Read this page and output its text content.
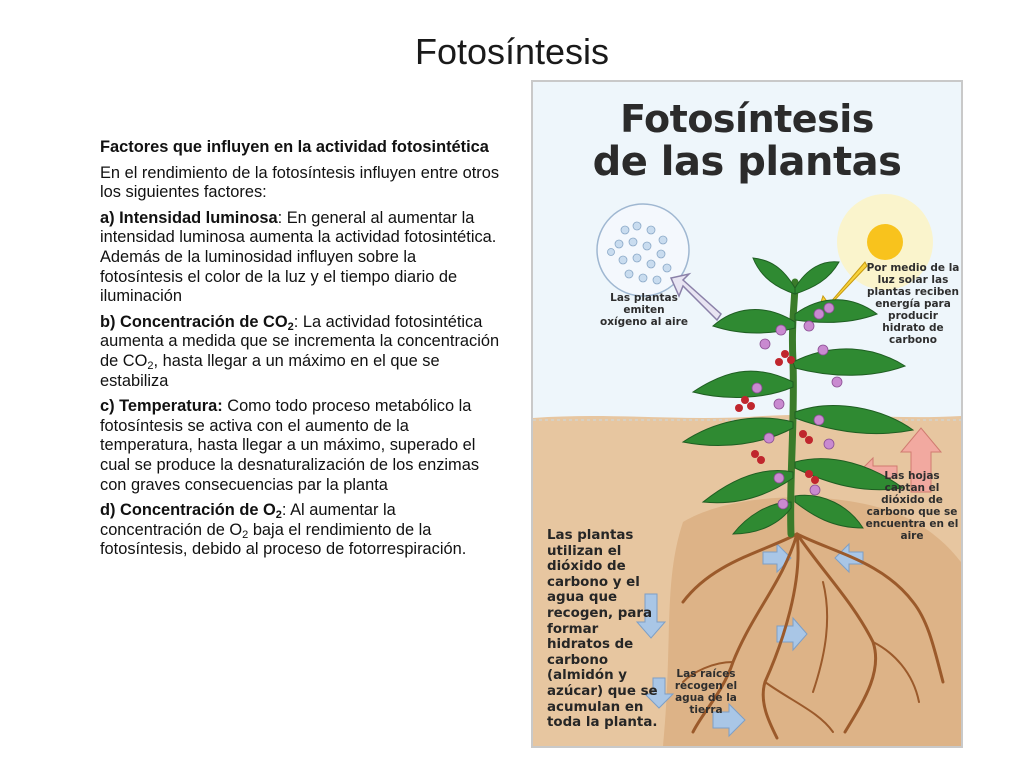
Fotosíntesis

Factores que influyen en la actividad fotosintética

En el rendimiento de la fotosíntesis influyen entre otros los siguientes factores:

a) Intensidad luminosa: En general al aumentar la intensidad luminosa aumenta la actividad fotosintética. Además de la luminosidad influyen sobre la fotosíntesis el color de la luz y el tiempo diario de iluminación

b) Concentración de $CO_2$: La actividad fotosintética aumenta a medida que se incrementa la concentración de $CO_2$, hasta llegar a un máximo en el que se estabiliza

c) Temperatura: Como todo proceso metabólico la fotosíntesis se activa con el aumento de la temperatura, hasta llegar a un máximo, superado el cual se produce la desnaturalización de los enzimas con graves consecuencias par la planta

d) Concentración de $O_2$: Al aumentar la concentración de $O_2$ baja el rendimiento de la fotosíntesis, debido al proceso de fotorrespiración.

Fotosíntesis
de las plantas
Las plantas emiten oxígeno al aire
Por medio de la luz solar las plantas reciben energía para producir hidrato de carbono
Las hojas captan el dióxido de carbono que se encuentra en el aire
Las plantas utilizan el dióxido de carbono y el agua que recogen, para formar hidratos de carbono (almidón y azúcar) que se acumulan en toda la planta.
Las raíces recogen el agua de la tierra
